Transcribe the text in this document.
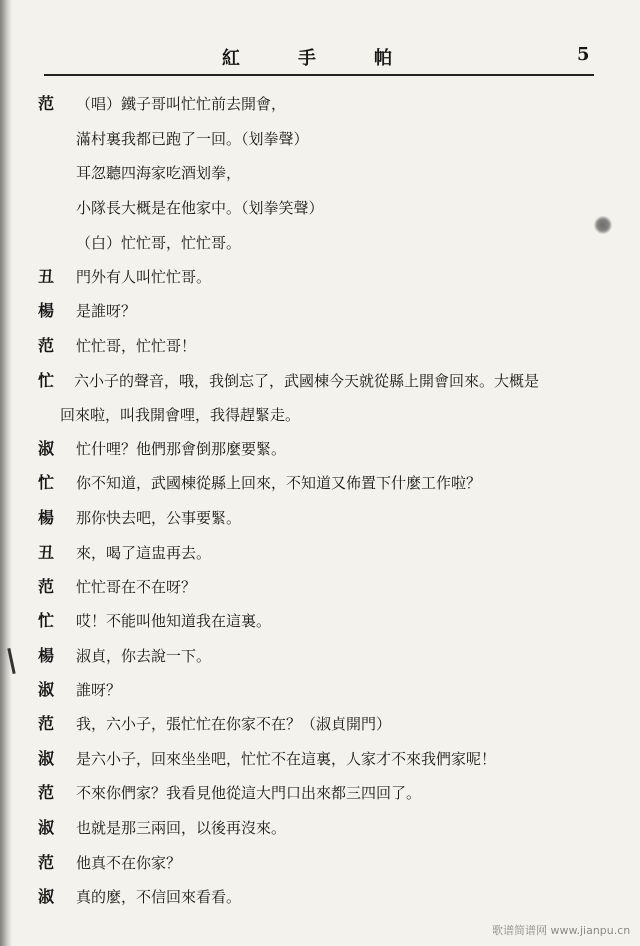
紅手帕	5
范	（唱）鐵子哥叫忙忙前去開會，
滿村裏我都已跑了一回。（划拳聲）
耳忽聽四海家吃酒划拳，
小隊長大概是在他家中。（划拳笑聲）
（白）忙忙哥，忙忙哥。
丑	門外有人叫忙忙哥。
楊	是誰呀？
范	忙忙哥，忙忙哥！
忙	六小子的聲音，哦，我倒忘了，武國棟今天就從縣上開會回來。大概是
回來啦，叫我開會哩，我得趕緊走。
淑	忙什哩？他們那會倒那麼要緊。
忙	你不知道，武國棟從縣上回來，不知道又佈置下什麼工作啦？
楊	那你快去吧，公事要緊。
丑	來，喝了這盅再去。
范	忙忙哥在不在呀？
忙	哎！不能叫他知道我在這裏。
楊	淑貞，你去說一下。
淑	誰呀？
范	我，六小子，張忙忙在你家不在？（淑貞開門）
淑	是六小子，回來坐坐吧，忙忙不在這裏，人家才不來我們家呢！
范	不來你們家？我看見他從這大門口出來都三四回了。
淑	也就是那三兩回，以後再沒來。
范	他真不在你家？
淑	真的麼，不信回來看看。
歌谱简谱网 www.jianpu.cn
